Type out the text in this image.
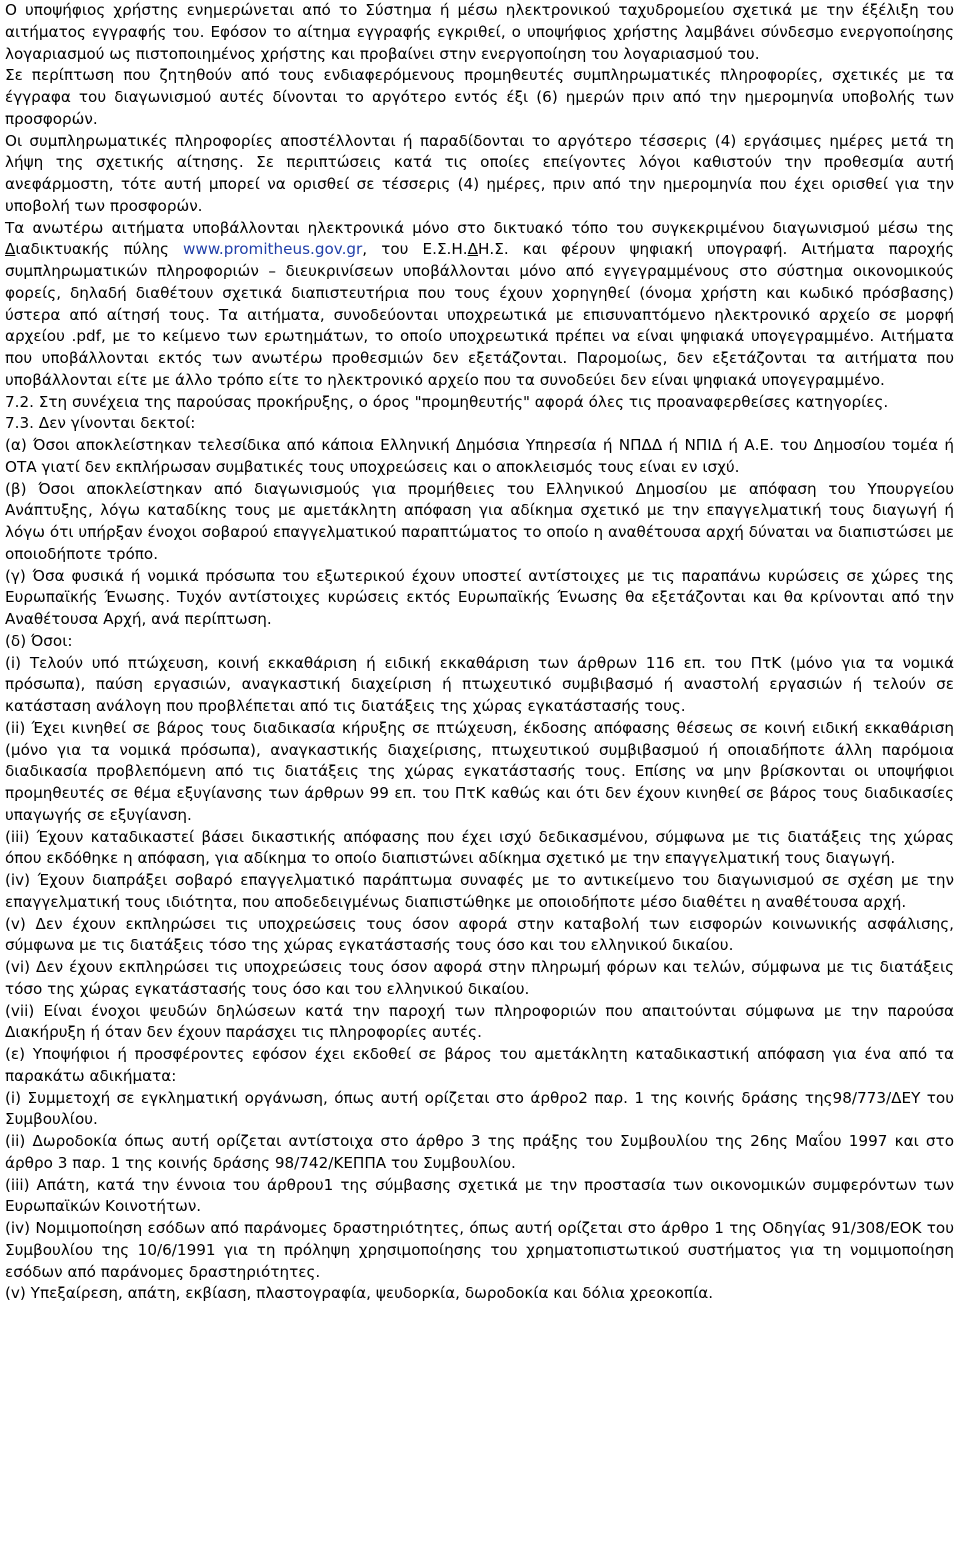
Ο υποψήφιος χρήστης ενημερώνεται από το Σύστημα ή μέσω ηλεκτρονικού ταχυδρομείου σχετικά με την έξέλιξη του αιτήματος εγγραφής του. Εφόσον το αίτημα εγγραφής εγκριθεί, ο υποψήφιος χρήστης λαμβάνει σύνδεσμο ενεργοποίησης λογαριασμού ως πιστοποιημένος χρήστης και προβαίνει στην ενεργοποίηση του λογαριασμού του.

Σε περίπτωση που ζητηθούν από τους ενδιαφερόμενους προμηθευτές συμπληρωματικές πληροφορίες, σχετικές με τα έγγραφα του διαγωνισμού αυτές δίνονται το αργότερο εντός έξι (6) ημερών πριν από την ημερομηνία υποβολής των προσφορών.

Οι συμπληρωματικές πληροφορίες αποστέλλονται ή παραδίδονται το αργότερο τέσσερις (4) εργάσιμες ημέρες μετά τη λήψη της σχετικής αίτησης. Σε περιπτώσεις κατά τις οποίες επείγοντες λόγοι καθιστούν την προθεσμία αυτή ανεφάρμοστη, τότε αυτή μπορεί να ορισθεί σε τέσσερις (4) ημέρες, πριν από την ημερομηνία που έχει ορισθεί για την υποβολή των προσφορών.

Τα ανωτέρω αιτήματα υποβάλλονται ηλεκτρονικά μόνο στο δικτυακό τόπο του συγκεκριμένου διαγωνισμού μέσω της Διαδικτυακής πύλης www.promitheus.gov.gr, του Ε.Σ.Η.ΔΗ.Σ. και φέρουν ψηφιακή υπογραφή. Αιτήματα παροχής συμπληρωματικών πληροφοριών – διευκρινίσεων υποβάλλονται μόνο από εγγεγραμμένους στο σύστημα οικονομικούς φορείς, δηλαδή διαθέτουν σχετικά διαπιστευτήρια που τους έχουν χορηγηθεί (όνομα χρήστη και κωδικό πρόσβασης) ύστερα από αίτησή τους. Τα αιτήματα, συνοδεύονται υποχρεωτικά με επισυναπτόμενο ηλεκτρονικό αρχείο σε μορφή αρχείου .pdf, με το κείμενο των ερωτημάτων, το οποίο υποχρεωτικά πρέπει να είναι ψηφιακά υπογεγραμμένο. Αιτήματα που υποβάλλονται εκτός των ανωτέρω προθεσμιών δεν εξετάζονται. Παρομοίως, δεν εξετάζονται τα αιτήματα που υποβάλλονται είτε με άλλο τρόπο είτε το ηλεκτρονικό αρχείο που τα συνοδεύει δεν είναι ψηφιακά υπογεγραμμένο.

7.2. Στη συνέχεια της παρούσας προκήρυξης, ο όρος "προμηθευτής" αφορά όλες τις προαναφερθείσες κατηγορίες.

7.3. Δεν γίνονται δεκτοί:

(α) Όσοι αποκλείστηκαν τελεσίδικα από κάποια Ελληνική Δημόσια Υπηρεσία ή ΝΠΔΔ ή ΝΠΙΔ ή Α.Ε. του Δημοσίου τομέα ή ΟΤΑ γιατί δεν εκπλήρωσαν συμβατικές τους υποχρεώσεις και ο αποκλεισμός τους είναι εν ισχύ.

(β) Όσοι αποκλείστηκαν από διαγωνισμούς για προμήθειες του Ελληνικού Δημοσίου με απόφαση του Υπουργείου Ανάπτυξης, λόγω καταδίκης τους με αμετάκλητη απόφαση για αδίκημα σχετικό με την επαγγελματική τους διαγωγή ή λόγω ότι υπήρξαν ένοχοι σοβαρού επαγγελματικού παραπτώματος το οποίο η αναθέτουσα αρχή δύναται να διαπιστώσει με οποιοδήποτε τρόπο.

(γ) Όσα φυσικά ή νομικά πρόσωπα του εξωτερικού έχουν υποστεί αντίστοιχες με τις παραπάνω κυρώσεις σε χώρες της Ευρωπαϊκής Ένωσης. Τυχόν αντίστοιχες κυρώσεις εκτός Ευρωπαϊκής Ένωσης θα εξετάζονται και θα κρίνονται από την Αναθέτουσα Αρχή, ανά περίπτωση.

(δ) Όσοι:

(i) Τελούν υπό πτώχευση, κοινή εκκαθάριση ή ειδική εκκαθάριση των άρθρων 116 επ. του ΠτΚ (μόνο για τα νομικά πρόσωπα), παύση εργασιών, αναγκαστική διαχείριση ή πτωχευτικό συμβιβασμό ή αναστολή εργασιών ή τελούν σε κατάσταση ανάλογη που προβλέπεται από τις διατάξεις της χώρας εγκατάστασής τους.

(ii) Έχει κινηθεί σε βάρος τους διαδικασία κήρυξης σε πτώχευση, έκδοσης απόφασης θέσεως σε κοινή ειδική εκκαθάριση (μόνο για τα νομικά πρόσωπα), αναγκαστικής διαχείρισης, πτωχευτικού συμβιβασμού ή οποιαδήποτε άλλη παρόμοια διαδικασία προβλεπόμενη από τις διατάξεις της χώρας εγκατάστασής τους. Επίσης να μην βρίσκονται οι υποψήφιοι προμηθευτές σε θέμα εξυγίανσης των άρθρων 99 επ. του ΠτΚ καθώς και ότι δεν έχουν κινηθεί σε βάρος τους διαδικασίες υπαγωγής σε εξυγίανση.

(iii) Έχουν καταδικαστεί βάσει δικαστικής απόφασης που έχει ισχύ δεδικασμένου, σύμφωνα με τις διατάξεις της χώρας όπου εκδόθηκε η απόφαση, για αδίκημα το οποίο διαπιστώνει αδίκημα σχετικό με την επαγγελματική τους διαγωγή.

(iv) Έχουν διαπράξει σοβαρό επαγγελματικό παράπτωμα συναφές με το αντικείμενο του διαγωνισμού σε σχέση με την επαγγελματική τους ιδιότητα, που αποδεδειγμένως διαπιστώθηκε με οποιοδήποτε μέσο διαθέτει η αναθέτουσα αρχή.

(v) Δεν έχουν εκπληρώσει τις υποχρεώσεις τους όσον αφορά στην καταβολή των εισφορών κοινωνικής ασφάλισης, σύμφωνα με τις διατάξεις τόσο της χώρας εγκατάστασής τους όσο και του ελληνικού δικαίου.

(vi) Δεν έχουν εκπληρώσει τις υποχρεώσεις τους όσον αφορά στην πληρωμή φόρων και τελών, σύμφωνα με τις διατάξεις τόσο της χώρας εγκατάστασής τους όσο και του ελληνικού δικαίου.

(vii) Είναι ένοχοι ψευδών δηλώσεων κατά την παροχή των πληροφοριών που απαιτούνται σύμφωνα με την παρούσα Διακήρυξη ή όταν δεν έχουν παράσχει τις πληροφορίες αυτές.

(ε) Υποψήφιοι ή προσφέροντες εφόσον έχει εκδοθεί σε βάρος του αμετάκλητη καταδικαστική απόφαση για ένα από τα παρακάτω αδικήματα:

(i) Συμμετοχή σε εγκληματική οργάνωση, όπως αυτή ορίζεται στο άρθρο2 παρ. 1 της κοινής δράσης της98/773/ΔΕΥ του Συμβουλίου.

(ii) Δωροδοκία όπως αυτή ορίζεται αντίστοιχα στο άρθρο 3 της πράξης του Συμβουλίου της 26ης Μαΐου 1997 και στο άρθρο 3 παρ. 1 της κοινής δράσης 98/742/ΚΕΠΠΑ του Συμβουλίου.

(iii) Απάτη, κατά την έννοια του άρθρου1 της σύμβασης σχετικά με την προστασία των οικονομικών συμφερόντων των Ευρωπαϊκών Κοινοτήτων.

(iv) Νομιμοποίηση εσόδων από παράνομες δραστηριότητες, όπως αυτή ορίζεται στο άρθρο 1 της Οδηγίας 91/308/ΕΟΚ του Συμβουλίου της 10/6/1991 για τη πρόληψη χρησιμοποίησης του χρηματοπιστωτικού συστήματος για τη νομιμοποίηση εσόδων από παράνομες δραστηριότητες.

(v) Υπεξαίρεση, απάτη, εκβίαση, πλαστογραφία, ψευδορκία, δωροδοκία και δόλια χρεοκοπία.
